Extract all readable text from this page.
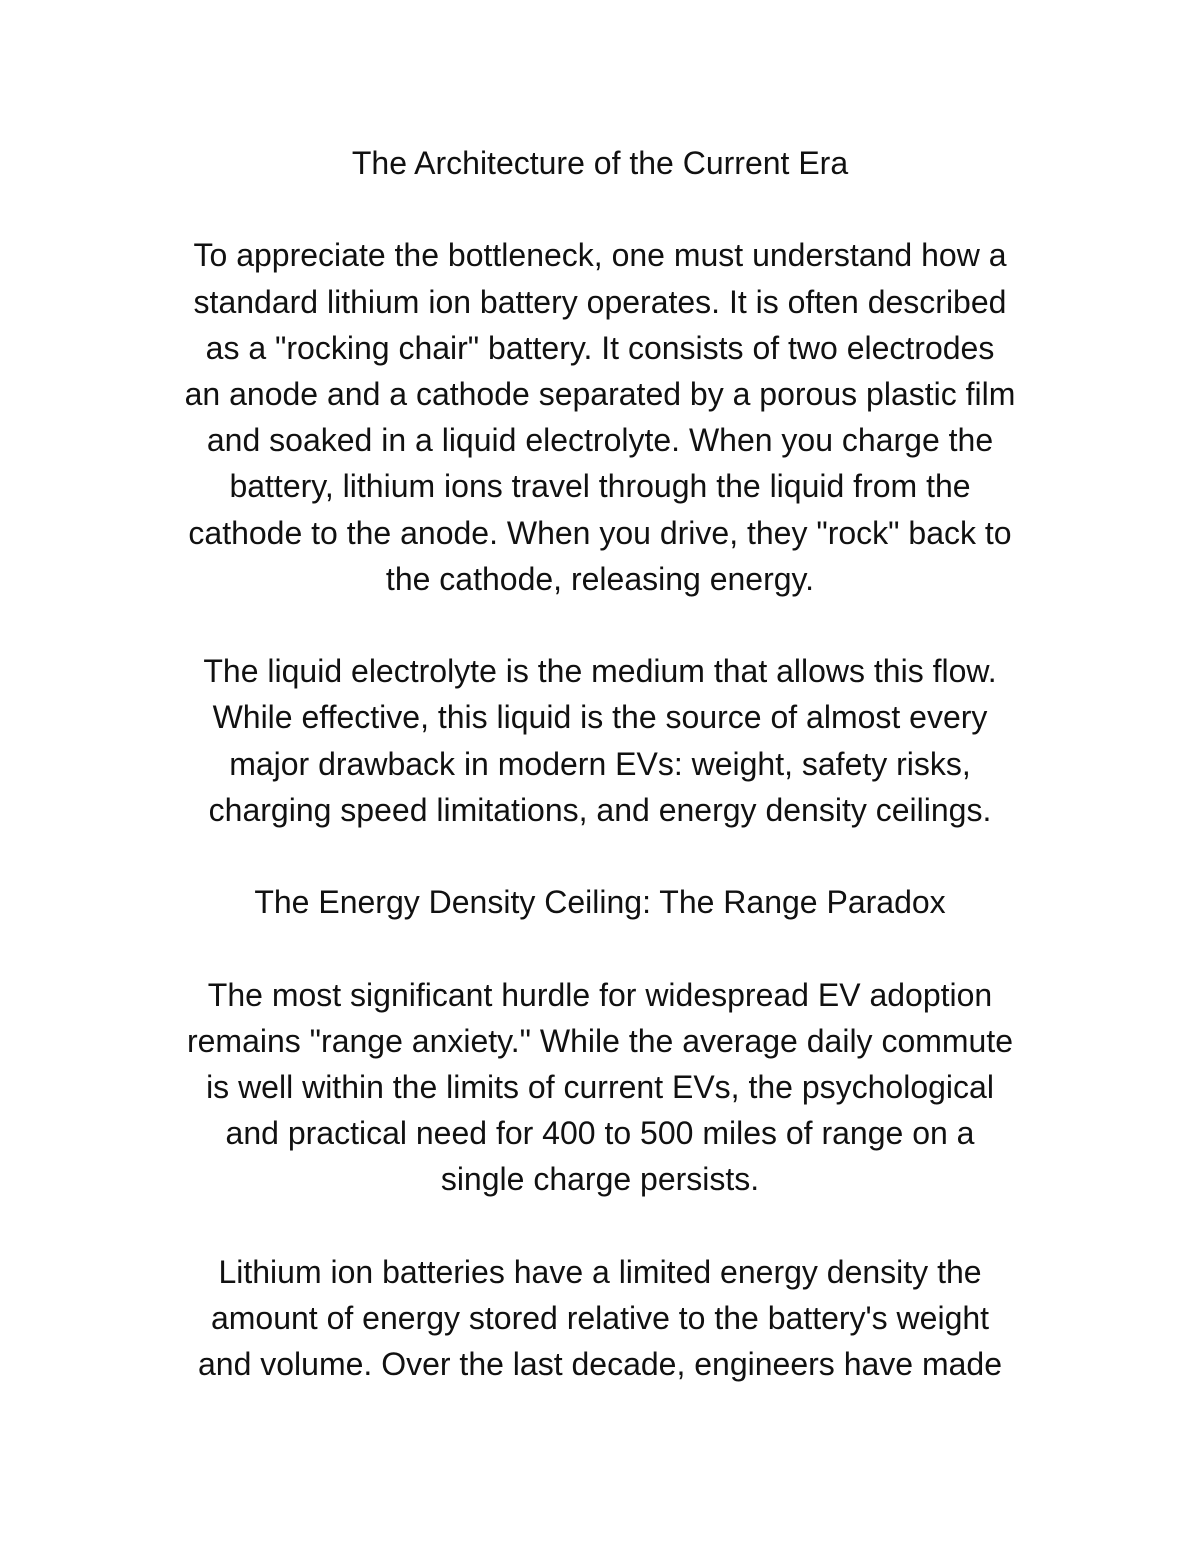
The Architecture of the Current Era

To appreciate the bottleneck, one must understand how a
standard lithium ion battery operates. It is often described
as a "rocking chair" battery. It consists of two electrodes
an anode and a cathode separated by a porous plastic film
and soaked in a liquid electrolyte. When you charge the
battery, lithium ions travel through the liquid from the
cathode to the anode. When you drive, they "rock" back to
the cathode, releasing energy.

The liquid electrolyte is the medium that allows this flow.
While effective, this liquid is the source of almost every
major drawback in modern EVs: weight, safety risks,
charging speed limitations, and energy density ceilings.

The Energy Density Ceiling: The Range Paradox

The most significant hurdle for widespread EV adoption
remains "range anxiety." While the average daily commute
is well within the limits of current EVs, the psychological
and practical need for 400 to 500 miles of range on a
single charge persists.

Lithium ion batteries have a limited energy density the
amount of energy stored relative to the battery's weight
and volume. Over the last decade, engineers have made
